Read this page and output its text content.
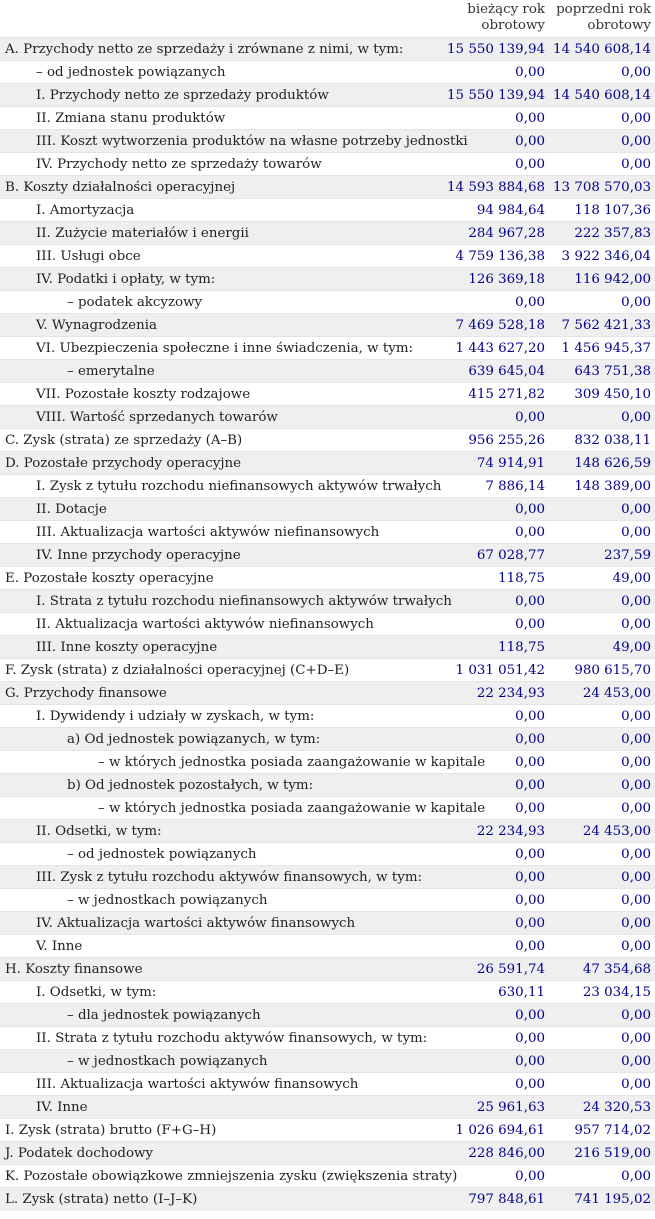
	bieżący rok obrotowy	poprzedni rok obrotowy
A. Przychody netto ze sprzedaży i zrównane z nimi, w tym:	15 550 139,94	14 540 608,14
– od jednostek powiązanych	0,00	0,00
I. Przychody netto ze sprzedaży produktów	15 550 139,94	14 540 608,14
II. Zmiana stanu produktów	0,00	0,00
III. Koszt wytworzenia produktów na własne potrzeby jednostki	0,00	0,00
IV. Przychody netto ze sprzedaży towarów	0,00	0,00
B. Koszty działalności operacyjnej	14 593 884,68	13 708 570,03
I. Amortyzacja	94 984,64	118 107,36
II. Zużycie materiałów i energii	284 967,28	222 357,83
III. Usługi obce	4 759 136,38	3 922 346,04
IV. Podatki i opłaty, w tym:	126 369,18	116 942,00
– podatek akcyzowy	0,00	0,00
V. Wynagrodzenia	7 469 528,18	7 562 421,33
VI. Ubezpieczenia społeczne i inne świadczenia, w tym:	1 443 627,20	1 456 945,37
– emerytalne	639 645,04	643 751,38
VII. Pozostałe koszty rodzajowe	415 271,82	309 450,10
VIII. Wartość sprzedanych towarów	0,00	0,00
C. Zysk (strata) ze sprzedaży (A–B)	956 255,26	832 038,11
D. Pozostałe przychody operacyjne	74 914,91	148 626,59
I. Zysk z tytułu rozchodu niefinansowych aktywów trwałych	7 886,14	148 389,00
II. Dotacje	0,00	0,00
III. Aktualizacja wartości aktywów niefinansowych	0,00	0,00
IV. Inne przychody operacyjne	67 028,77	237,59
E. Pozostałe koszty operacyjne	118,75	49,00
I. Strata z tytułu rozchodu niefinansowych aktywów trwałych	0,00	0,00
II. Aktualizacja wartości aktywów niefinansowych	0,00	0,00
III. Inne koszty operacyjne	118,75	49,00
F. Zysk (strata) z działalności operacyjnej (C+D–E)	1 031 051,42	980 615,70
G. Przychody finansowe	22 234,93	24 453,00
I. Dywidendy i udziały w zyskach, w tym:	0,00	0,00
a) Od jednostek powiązanych, w tym:	0,00	0,00
– w których jednostka posiada zaangażowanie w kapitale	0,00	0,00
b) Od jednostek pozostałych, w tym:	0,00	0,00
– w których jednostka posiada zaangażowanie w kapitale	0,00	0,00
II. Odsetki, w tym:	22 234,93	24 453,00
– od jednostek powiązanych	0,00	0,00
III. Zysk z tytułu rozchodu aktywów finansowych, w tym:	0,00	0,00
– w jednostkach powiązanych	0,00	0,00
IV. Aktualizacja wartości aktywów finansowych	0,00	0,00
V. Inne	0,00	0,00
H. Koszty finansowe	26 591,74	47 354,68
I. Odsetki, w tym:	630,11	23 034,15
– dla jednostek powiązanych	0,00	0,00
II. Strata z tytułu rozchodu aktywów finansowych, w tym:	0,00	0,00
– w jednostkach powiązanych	0,00	0,00
III. Aktualizacja wartości aktywów finansowych	0,00	0,00
IV. Inne	25 961,63	24 320,53
I. Zysk (strata) brutto (F+G–H)	1 026 694,61	957 714,02
J. Podatek dochodowy	228 846,00	216 519,00
K. Pozostałe obowiązkowe zmniejszenia zysku (zwiększenia straty)	0,00	0,00
L. Zysk (strata) netto (I–J–K)	797 848,61	741 195,02
